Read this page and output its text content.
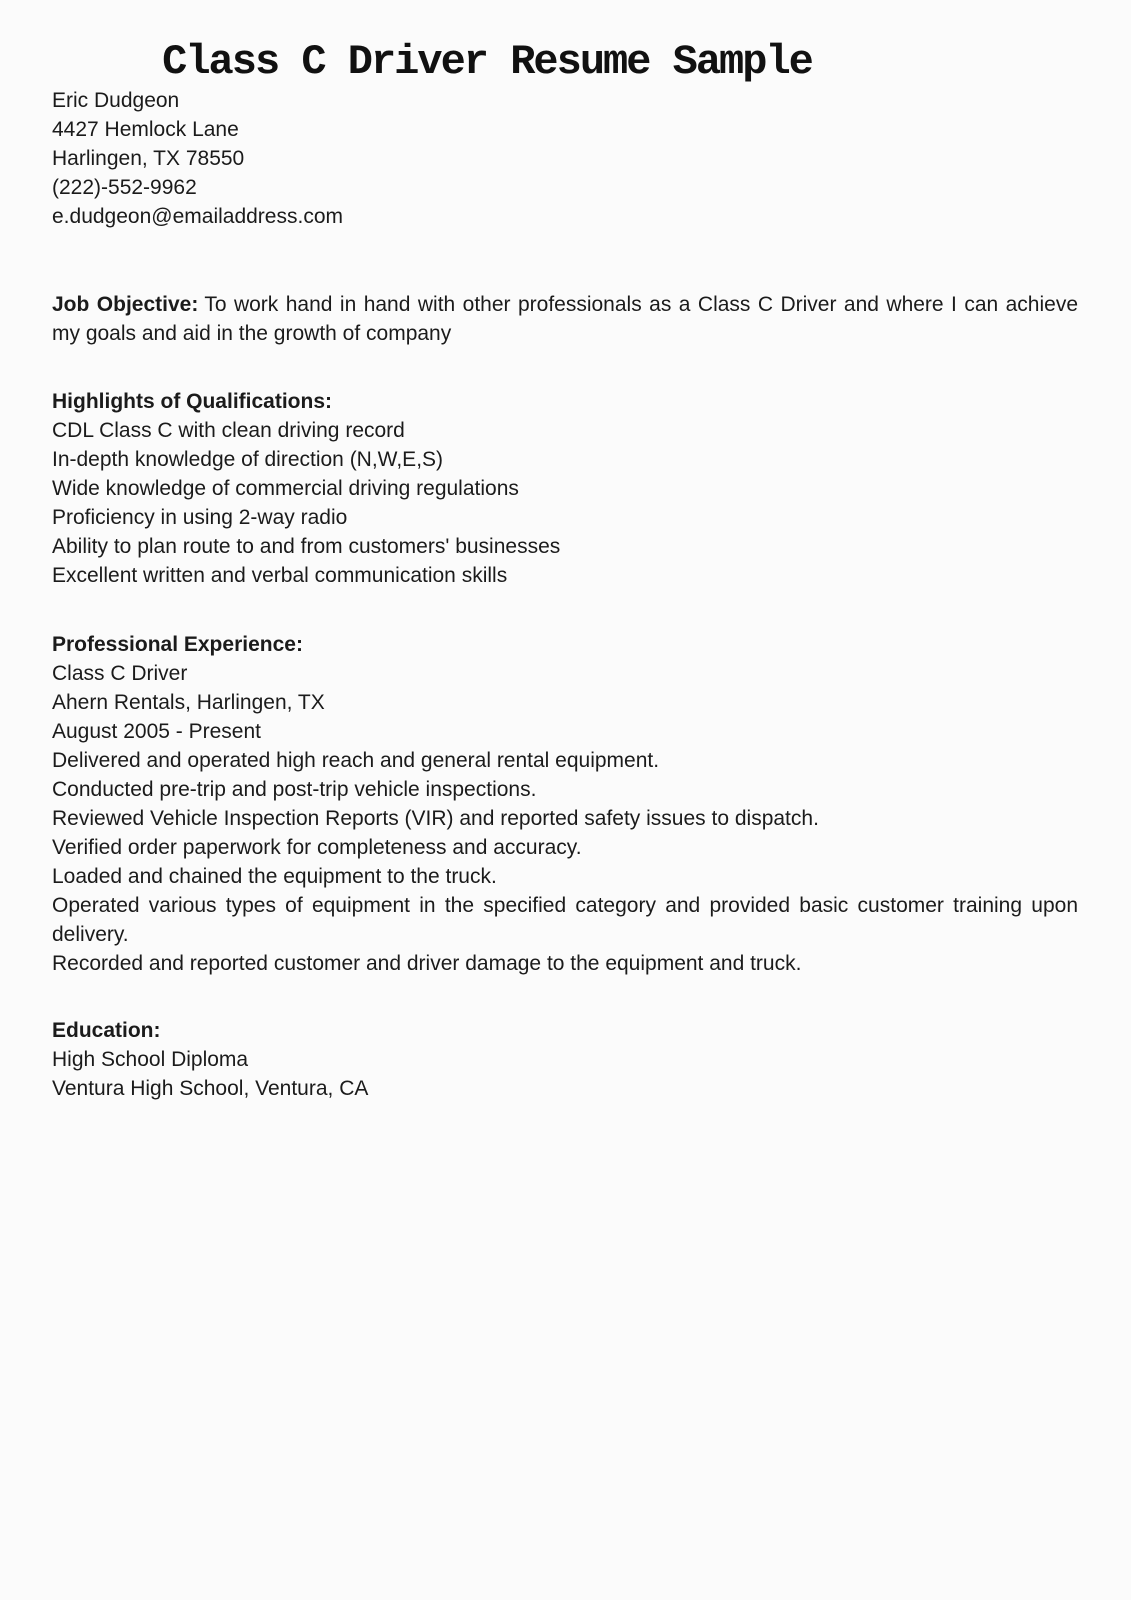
Class C Driver Resume Sample

Eric Dudgeon

4427 Hemlock Lane

Harlingen, TX 78550

(222)-552-9962

e.dudgeon@emailaddress.com

Job Objective: To work hand in hand with other professionals as a Class C Driver and where I can achieve my goals and aid in the growth of company

Highlights of Qualifications:

CDL Class C with clean driving record

In-depth knowledge of direction (N,W,E,S)

Wide knowledge of commercial driving regulations

Proficiency in using 2-way radio

Ability to plan route to and from customers' businesses

Excellent written and verbal communication skills

Professional Experience:

Class C Driver

Ahern Rentals, Harlingen, TX

August 2005 - Present

Delivered and operated high reach and general rental equipment.

Conducted pre-trip and post-trip vehicle inspections.

Reviewed Vehicle Inspection Reports (VIR) and reported safety issues to dispatch.

Verified order paperwork for completeness and accuracy.

Loaded and chained the equipment to the truck.

Operated various types of equipment in the specified category and provided basic customer training upon delivery.

Recorded and reported customer and driver damage to the equipment and truck.

Education:

High School Diploma

Ventura High School, Ventura, CA
